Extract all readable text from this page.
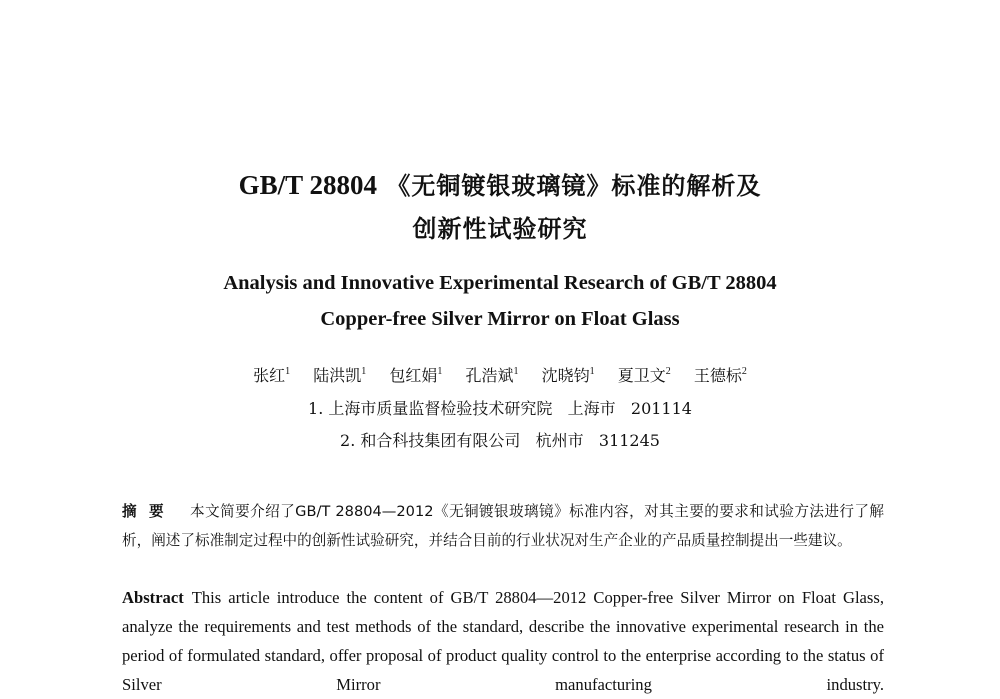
GB/T 28804 《无铜镀银玻璃镜》标准的解析及
创新性试验研究
Analysis and Innovative Experimental Research of GB/T 28804
Copper-free Silver Mirror on Float Glass
张红$^1$ 陆洪凯$^1$ 包红娟$^1$ 孔浩斌$^1$ 沈晓钧$^1$ 夏卫文$^2$ 王德标$^2$
1. 上海市质量监督检验技术研究院   上海市   201114
2. 和合科技集团有限公司   杭州市   311245
摘要 本文简要介绍了GB/T 28804—2012《无铜镀银玻璃镜》标准内容，对其主要的要求和试验方法进行了解析，阐述了标准制定过程中的创新性试验研究，并结合目前的行业状况对生产企业的产品质量控制提出一些建议。
Abstract This article introduce the content of GB/T 28804—2012 Copper-free Silver Mirror on Float Glass, analyze the requirements and test methods of the standard, describe the innovative experimental research in the period of formulated standard, offer proposal of product quality control to the enterprise according to the status of Silver Mirror manufacturing industry.
